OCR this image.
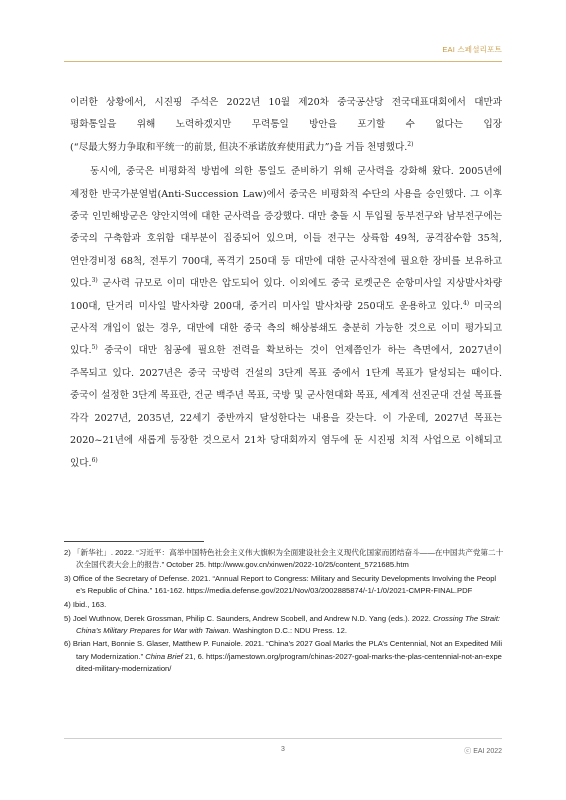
EAI 스페셜리포트

이러한 상황에서, 시진핑 주석은 2022년 10월 제20차 중국공산당 전국대표대회에서 대만과 평화통일을 위해 노력하겠지만 무력통일 방안을 포기할 수 없다는 입장(“尽最大努力争取和平统一的前景, 但决不承诺放弃使用武力”)을 거듭 천명했다.$^{2)}$

동시에, 중국은 비평화적 방법에 의한 통일도 준비하기 위해 군사력을 강화해 왔다. 2005년에 제정한 반국가분열법(Anti-Succession Law)에서 중국은 비평화적 수단의 사용을 승인했다. 그 이후 중국 인민해방군은 양안지역에 대한 군사력을 증강했다. 대만 충돌 시 투입될 동부전구와 남부전구에는 중국의 구축함과 호위함 대부분이 집중되어 있으며, 이들 전구는 상륙함 49척, 공격잠수함 35척, 연안경비정 68척, 전투기 700대, 폭격기 250대 등 대만에 대한 군사작전에 필요한 장비를 보유하고 있다.$^{3)}$ 군사력 규모로 이미 대만은 압도되어 있다. 이외에도 중국 로켓군은 순항미사일 지상발사차량 100대, 단거리 미사일 발사차량 200대, 중거리 미사일 발사차량 250대도 운용하고 있다.$^{4)}$ 미국의 군사적 개입이 없는 경우, 대만에 대한 중국 측의 해상봉쇄도 충분히 가능한 것으로 이미 평가되고 있다.$^{5)}$ 중국이 대만 침공에 필요한 전력을 확보하는 것이 언제쯤인가 하는 측면에서, 2027년이 주목되고 있다. 2027년은 중국 국방력 건설의 3단계 목표 중에서 1단계 목표가 달성되는 때이다. 중국이 설정한 3단계 목표란, 건군 백주년 목표, 국방 및 군사현대화 목표, 세계적 선진군대 건설 목표를 각각 2027년, 2035년, 22세기 중반까지 달성한다는 내용을 갖는다. 이 가운데, 2027년 목표는 2020~21년에 새롭게 등장한 것으로서 21차 당대회까지 염두에 둔 시진핑 치적 사업으로 이해되고 있다.$^{6)}$

2) 「新华社」. 2022. “习近平：高举中国特色社会主义伟大旗帜为全面建设社会主义现代化国家而团结奋斗——在中国共产党第二十次全国代表大会上的报告.” October 25. http://www.gov.cn/xinwen/2022-10/25/content_5721685.htm
3) Office of the Secretary of Defense. 2021. “Annual Report to Congress: Military and Security Developments Involving the People’s Republic of China.” 161-162. https://media.defense.gov/2021/Nov/03/2002885874/-1/-1/0/2021-CMPR-FINAL.PDF
4) Ibid., 163.
5) Joel Wuthnow, Derek Grossman, Philip C. Saunders, Andrew Scobell, and Andrew N.D. Yang (eds.). 2022. Crossing The Strait: China’s Military Prepares for War with Taiwan. Washington D.C.: NDU Press. 12.
6) Brian Hart, Bonnie S. Glaser, Matthew P. Funaiole. 2021. “China’s 2027 Goal Marks the PLA’s Centennial, Not an Expedited Military Modernization.” China Brief 21, 6. https://jamestown.org/program/chinas-2027-goal-marks-the-plas-centennial-not-an-expedited-military-modernization/
3	ⓒ EAI 2022
